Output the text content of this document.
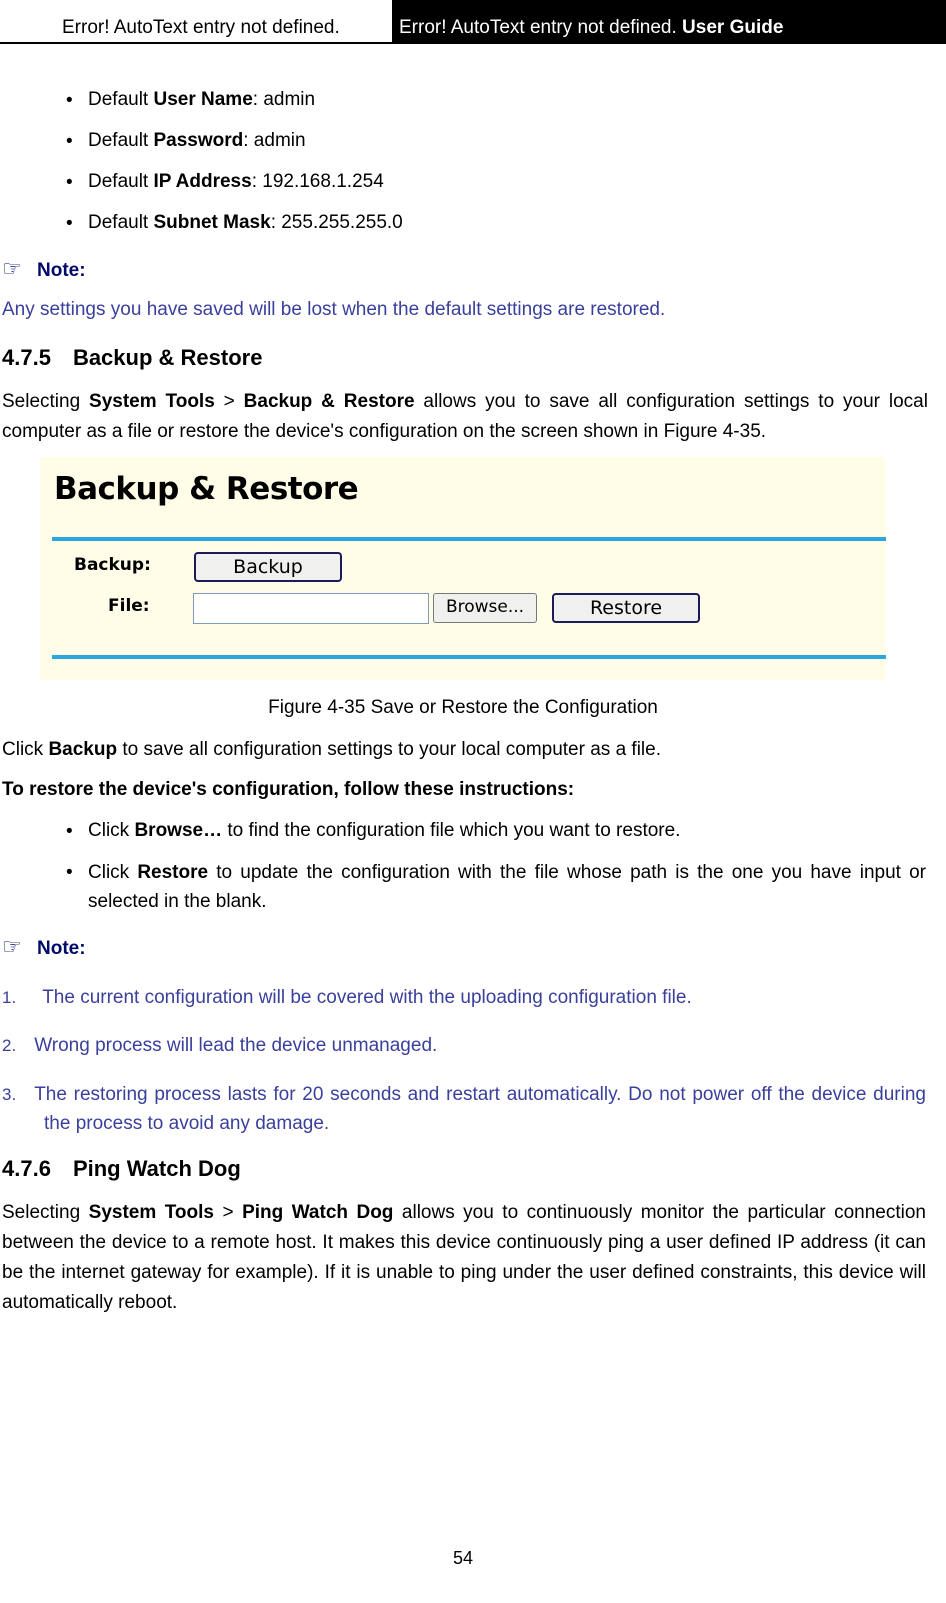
Error! AutoText entry not defined.	Error! AutoText entry not defined. User Guide
• Default User Name: admin
• Default Password: admin
• Default IP Address: 192.168.1.254
• Default Subnet Mask: 255.255.255.0
☞ Note:
Any settings you have saved will be lost when the default settings are restored.
4.7.5 Backup & Restore
Selecting System Tools > Backup & Restore allows you to save all configuration settings to your local computer as a file or restore the device's configuration on the screen shown in Figure 4-35.
Backup & Restore
Backup:	Backup
File:	Browse...	Restore
Figure 4-35 Save or Restore the Configuration
Click Backup to save all configuration settings to your local computer as a file.
To restore the device's configuration, follow these instructions:
• Click Browse… to find the configuration file which you want to restore.
• Click Restore to update the configuration with the file whose path is the one you have input or selected in the blank.
☞ Note:
1. The current configuration will be covered with the uploading configuration file.
2. Wrong process will lead the device unmanaged.
3. The restoring process lasts for 20 seconds and restart automatically. Do not power off the device during the process to avoid any damage.
4.7.6 Ping Watch Dog
Selecting System Tools > Ping Watch Dog allows you to continuously monitor the particular connection between the device to a remote host. It makes this device continuously ping a user defined IP address (it can be the internet gateway for example). If it is unable to ping under the user defined constraints, this device will automatically reboot.
54
